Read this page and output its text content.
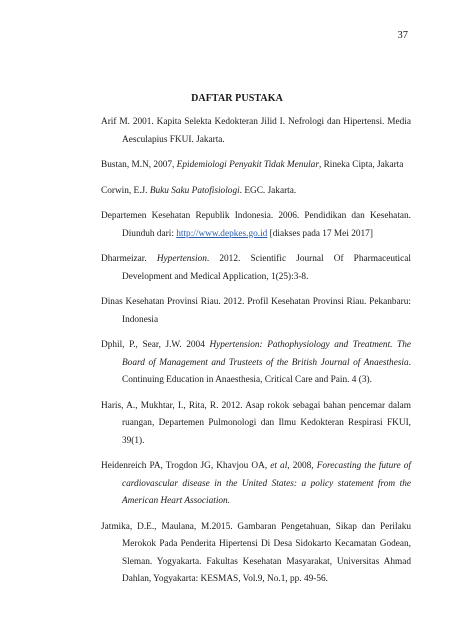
37
DAFTAR PUSTAKA
Arif M. 2001. Kapita Selekta Kedokteran Jilid I. Nefrologi dan Hipertensi. Media Aesculapius FKUI. Jakarta.
Bustan, M.N, 2007, Epidemiologi Penyakit Tidak Menular, Rineka Cipta, Jakarta
Corwin, E.J. Buku Saku Patofisiologi. EGC. Jakarta.
Departemen Kesehatan Republik Indonesia. 2006. Pendidikan dan Kesehatan. Diunduh dari: http://www.depkes.go.id [diakses pada 17 Mei 2017]
Dharmeizar. Hypertension. 2012. Scientific Journal Of Pharmaceutical Development and Medical Application, 1(25):3-8.
Dinas Kesehatan Provinsi Riau. 2012. Profil Kesehatan Provinsi Riau. Pekanbaru: Indonesia
Dphil, P., Sear, J.W. 2004 Hypertension: Pathophysiology and Treatment. The Board of Management and Trusteets of the British Journal of Anaesthesia. Continuing Education in Anaesthesia, Critical Care and Pain. 4 (3).
Haris, A., Mukhtar, I., Rita, R. 2012. Asap rokok sebagai bahan pencemar dalam ruangan, Departemen Pulmonologi dan Ilmu Kedokteran Respirasi FKUI, 39(1).
Heidenreich PA, Trogdon JG, Khavjou OA, et al, 2008, Forecasting the future of cardiovascular disease in the United States: a policy statement from the American Heart Association.
Jatmika, D.E., Maulana, M.2015. Gambaran Pengetahuan, Sikap dan Perilaku Merokok Pada Penderita Hipertensi Di Desa Sidokarto Kecamatan Godean, Sleman. Yogyakarta. Fakultas Kesehatan Masyarakat, Universitas Ahmad Dahlan, Yogyakarta: KESMAS, Vol.9, No.1, pp. 49-56.
